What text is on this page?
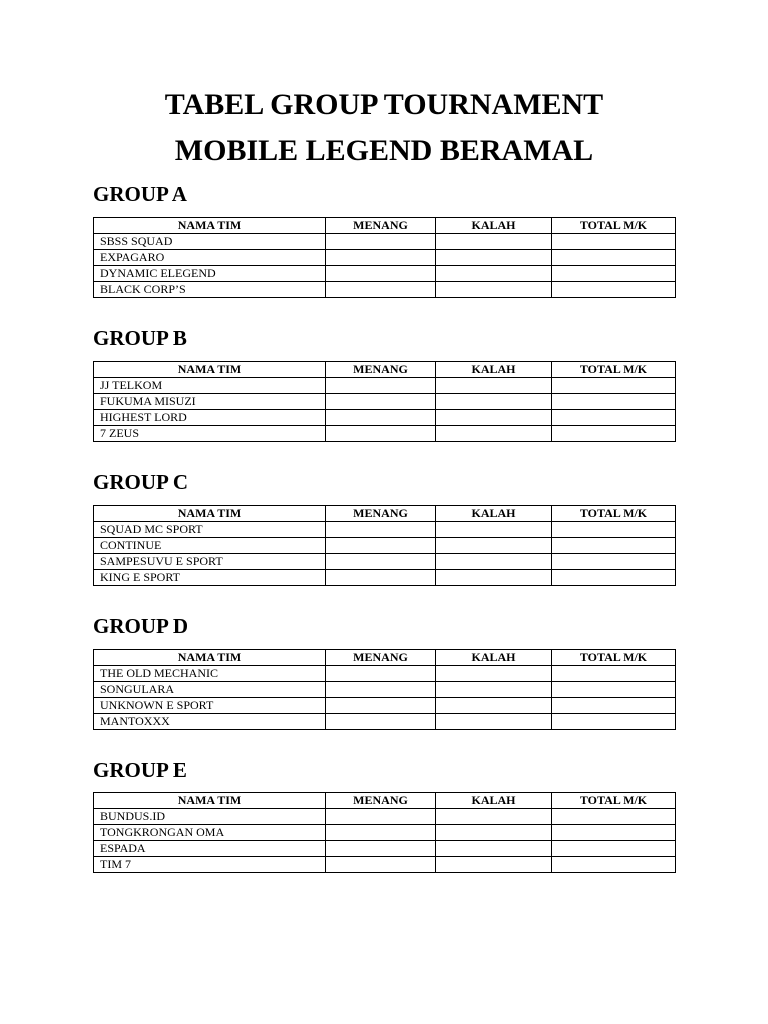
TABEL GROUP TOURNAMENT
MOBILE LEGEND BERAMAL
GROUP A
NAMA TIM	MENANG	KALAH	TOTAL M/K
SBSS SQUAD			
EXPAGARO			
DYNAMIC ELEGEND			
BLACK CORP’S			
GROUP B
NAMA TIM	MENANG	KALAH	TOTAL M/K
JJ TELKOM			
FUKUMA MISUZI			
HIGHEST LORD			
7 ZEUS			
GROUP C
NAMA TIM	MENANG	KALAH	TOTAL M/K
SQUAD MC SPORT			
CONTINUE			
SAMPESUVU E SPORT			
KING E SPORT			
GROUP D
NAMA TIM	MENANG	KALAH	TOTAL M/K
THE OLD MECHANIC			
SONGULARA			
UNKNOWN E SPORT			
MANTOXXX			
GROUP E
NAMA TIM	MENANG	KALAH	TOTAL M/K
BUNDUS.ID			
TONGKRONGAN OMA			
ESPADA			
TIM 7			
